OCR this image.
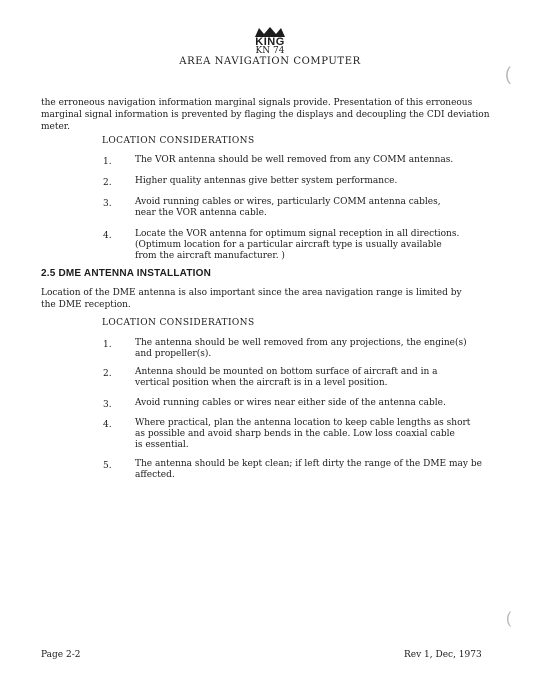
KING
KN 74
AREA NAVIGATION COMPUTER
the erroneous navigation information marginal signals provide. Presentation of this erroneous
marginal signal information is prevented by flaging the displays and decoupling the CDI deviation
meter.
LOCATION CONSIDERATIONS
1.	The VOR antenna should be well removed from any COMM antennas.
2.	Higher quality antennas give better system performance.
3.	Avoid running cables or wires, particularly COMM antenna cables,
near the VOR antenna cable.
4.	Locate the VOR antenna for optimum signal reception in all directions.
(Optimum location for a particular aircraft type is usually available
from the aircraft manufacturer. )
2.5 DME ANTENNA INSTALLATION
Location of the DME antenna is also important since the area navigation range is limited by
the DME reception.
LOCATION CONSIDERATIONS
1.	The antenna should be well removed from any projections, the engine(s)
and propeller(s).
2.	Antenna should be mounted on bottom surface of aircraft and in a
vertical position when the aircraft is in a level position.
3.	Avoid running cables or wires near either side of the antenna cable.
4.	Where practical, plan the antenna location to keep cable lengths as short
as possible and avoid sharp bends in the cable. Low loss coaxial cable
is essential.
5.	The antenna should be kept clean; if left dirty the range of the DME may be
affected.
Page 2-2	Rev 1, Dec, 1973
(
(
